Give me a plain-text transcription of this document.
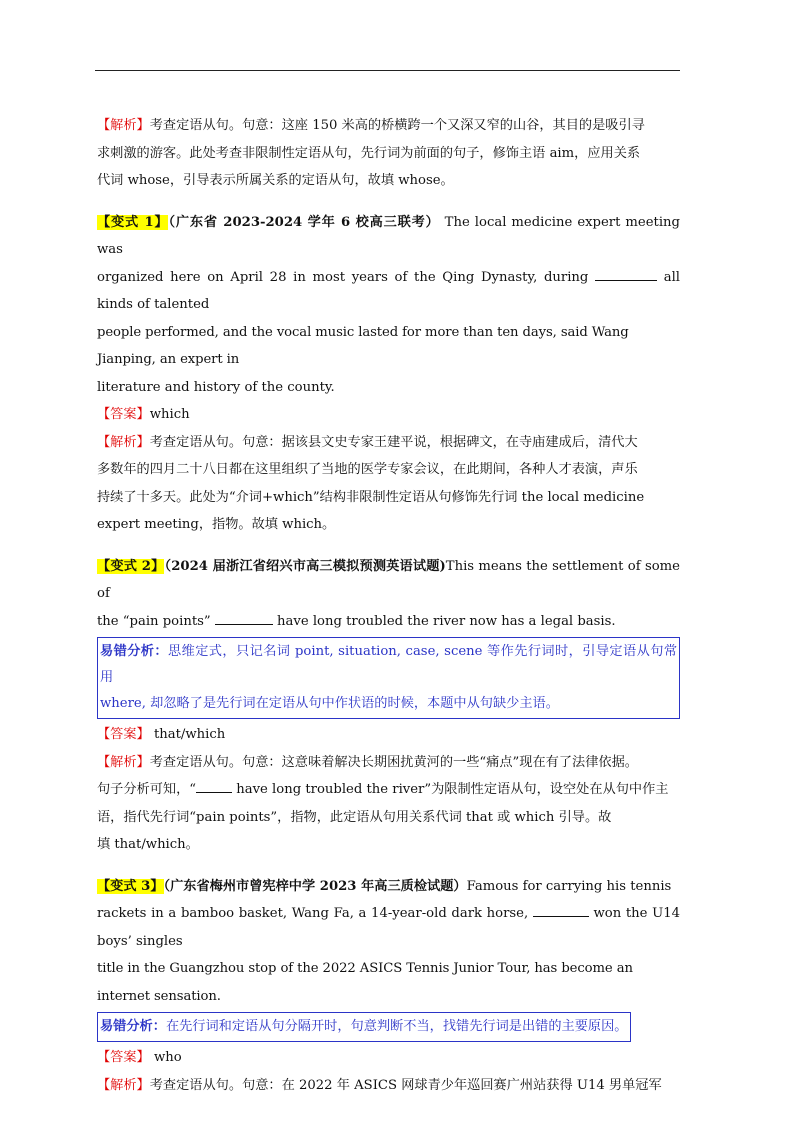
【解析】考查定语从句。句意：这座 150 米高的桥横跨一个又深又窄的山谷，其目的是吸引寻

求刺激的游客。此处考查非限制性定语从句，先行词为前面的句子，修饰主语 aim，应用关系

代词 whose，引导表示所属关系的定语从句，故填 whose。

【变式 1】（广东省 2023-2024 学年 6 校高三联考） The local medicine expert meeting was

organized here on April 28 in most years of the Qing Dynasty, during	all kinds of talented

people performed, and the vocal music lasted for more than ten days, said Wang Jianping, an expert in

literature and history of the county.

【答案】which

【解析】考查定语从句。句意：据该县文史专家王建平说，根据碑文，在寺庙建成后，清代大

多数年的四月二十八日都在这里组织了当地的医学专家会议，在此期间，各种人才表演，声乐

持续了十多天。此处为“介词+which”结构非限制性定语从句修饰先行词 the local medicine

expert meeting，指物。故填 which。

【变式 2】（2024 届浙江省绍兴市高三模拟预测英语试题)This means the settlement of some of

the “pain points”	have long troubled the river now has a legal basis.

易错分析：思维定式，只记名词 point, situation, case, scene 等作先行词时，引导定语从句常用

where, 却忽略了是先行词在定语从句中作状语的时候，本题中从句缺少主语。

【答案】 that/which

【解析】考查定语从句。句意：这意味着解决长期困扰黄河的一些“痛点”现在有了法律依据。

句子分析可知，“	have long troubled the river”为限制性定语从句，设空处在从句中作主

语，指代先行词“pain points”，指物，此定语从句用关系代词 that 或 which 引导。故

填 that/which。

【变式 3】（广东省梅州市曾宪梓中学 2023 年高三质检试题）Famous for carrying his tennis

rackets in a bamboo basket, Wang Fa, a 14-year-old dark horse,	won the U14 boys’ singles

title in the Guangzhou stop of the 2022 ASICS Tennis Junior Tour, has become an internet sensation.

易错分析：在先行词和定语从句分隔开时，句意判断不当，找错先行词是出错的主要原因。

【答案】 who

【解析】考查定语从句。句意：在 2022 年 ASICS 网球青少年巡回赛广州站获得 U14 男单冠军
